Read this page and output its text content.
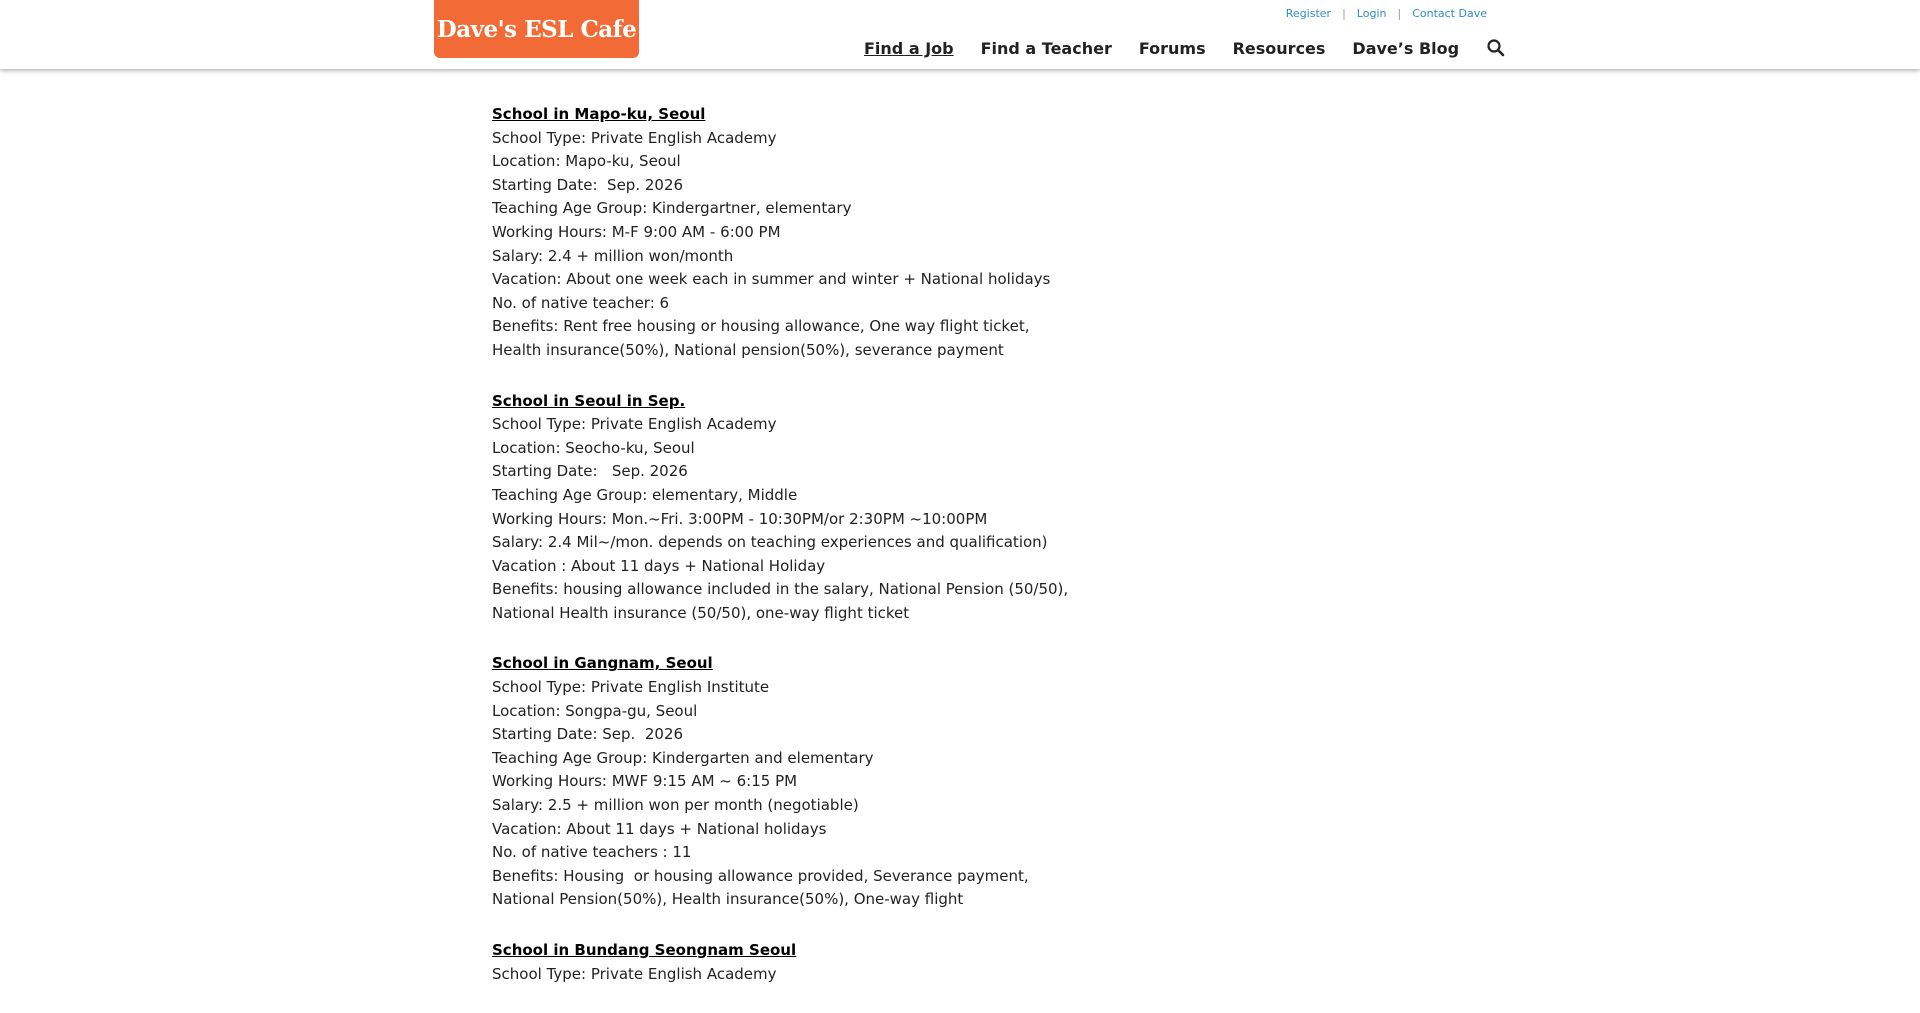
Dave's ESL Cafe
Register | Login | Contact Dave
Find a Job Find a Teacher Forums Resources Dave’s Blog
School in Mapo-ku, Seoul
School Type: Private English Academy
Location: Mapo-ku, Seoul
Starting Date:  Sep. 2026
Teaching Age Group: Kindergartner, elementary
Working Hours: M-F 9:00 AM - 6:00 PM
Salary: 2.4 + million won/month
Vacation: About one week each in summer and winter + National holidays
No. of native teacher: 6
Benefits: Rent free housing or housing allowance, One way flight ticket,
Health insurance(50%), National pension(50%), severance payment
School in Seoul in Sep.
School Type: Private English Academy
Location: Seocho-ku, Seoul
Starting Date:   Sep. 2026
Teaching Age Group: elementary, Middle
Working Hours: Mon.~Fri. 3:00PM - 10:30PM/or 2:30PM ~10:00PM
Salary: 2.4 Mil~/mon. depends on teaching experiences and qualification)
Vacation : About 11 days + National Holiday
Benefits: housing allowance included in the salary, National Pension (50/50),
National Health insurance (50/50), one-way flight ticket
School in Gangnam, Seoul
School Type: Private English Institute
Location: Songpa-gu, Seoul
Starting Date: Sep.  2026
Teaching Age Group: Kindergarten and elementary
Working Hours: MWF 9:15 AM ~ 6:15 PM
Salary: 2.5 + million won per month (negotiable)
Vacation: About 11 days + National holidays
No. of native teachers : 11
Benefits: Housing  or housing allowance provided, Severance payment,
National Pension(50%), Health insurance(50%), One-way flight
School in Bundang Seongnam Seoul
School Type: Private English Academy
